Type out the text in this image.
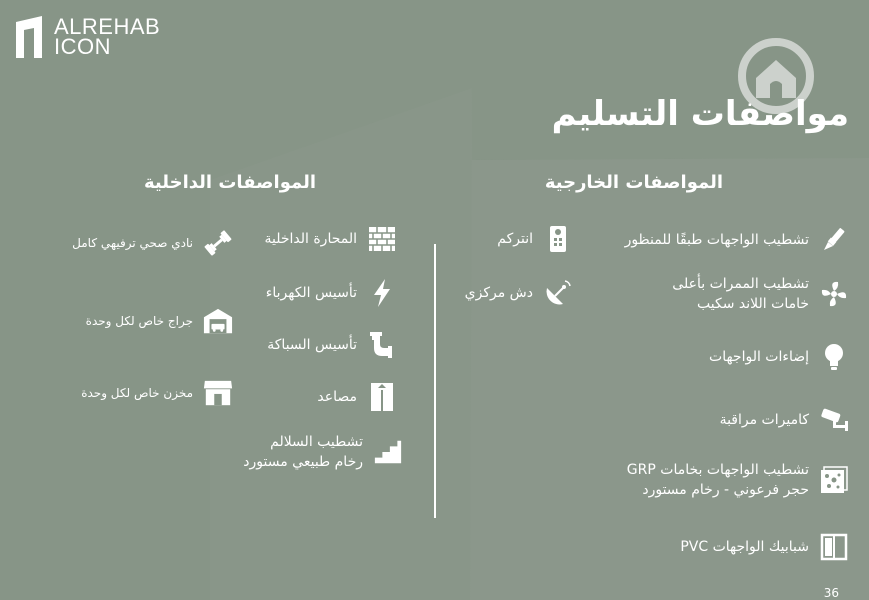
ALREHAB
ICON
مواصفات التسليم
المواصفات الخارجية
المواصفات الداخلية
تشطيب الواجهات طبقًا للمنظور
تشطيب الممرات بأعلى
خامات اللاند سكيب
إضاءات الواجهات
كاميرات مراقبة
تشطيب الواجهات بخامات GRP
حجر فرعوني - رخام مستورد
شبابيك الواجهات PVC
انتركم
دش مركزي
المحارة الداخلية
تأسيس الكهرباء
تأسيس السباكة
مصاعد
تشطيب السلالم
رخام طبيعي مستورد
نادي صحي ترفيهي كامل
جراج خاص لكل وحدة
مخزن خاص لكل وحدة
36
